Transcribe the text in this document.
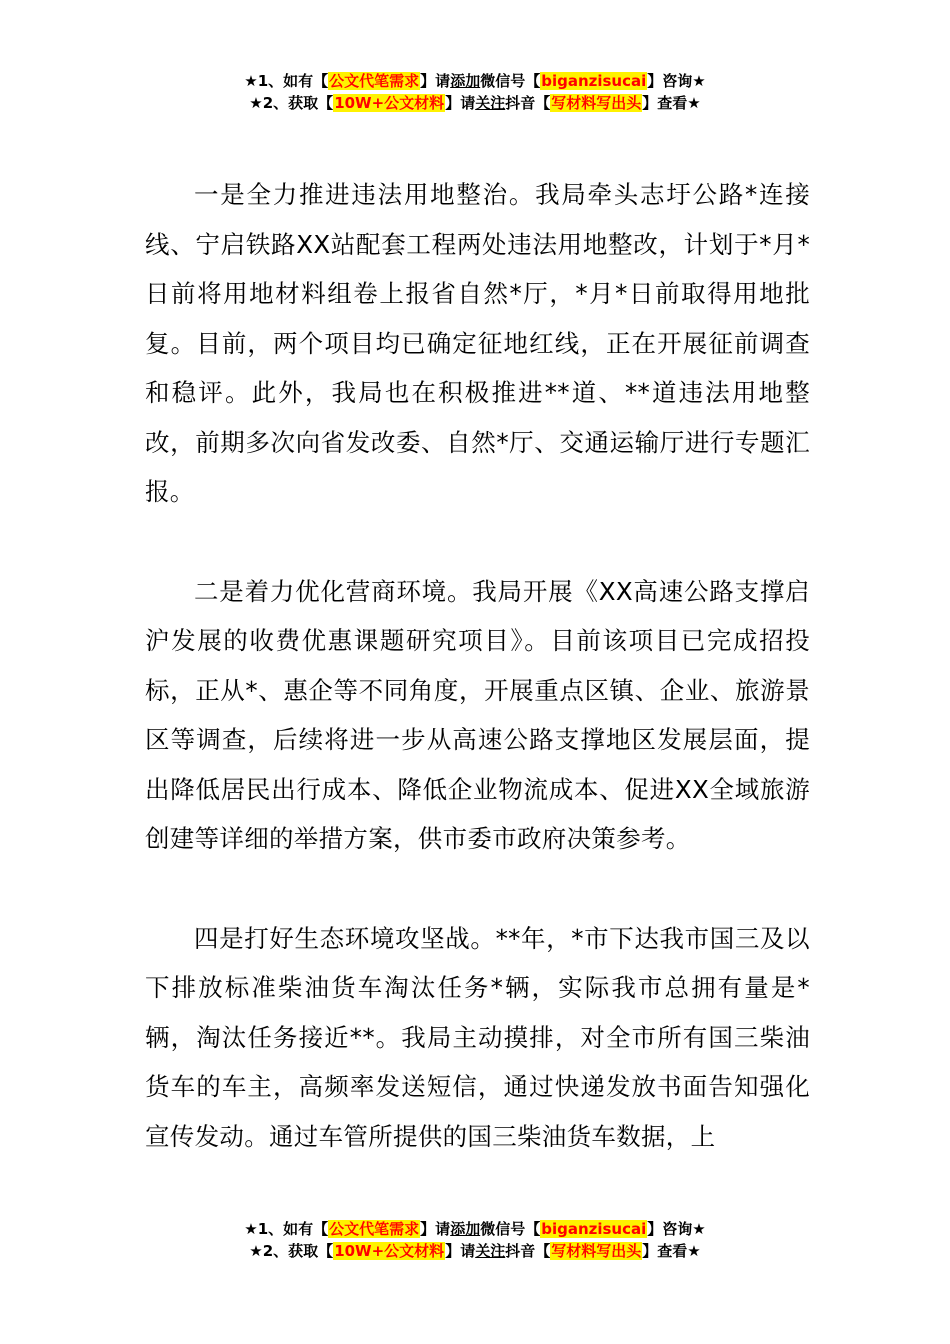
★1、如有【公文代笔需求】请添加微信号【biganzisucai】咨询★
★2、获取【10W+公文材料】请关注抖音【写材料写出头】查看★

一是全力推进违法用地整治。我局牵头志圩公路*连接线、宁启铁路XX站配套工程两处违法用地整改，计划于*月*日前将用地材料组卷上报省自然*厅，*月*日前取得用地批复。目前，两个项目均已确定征地红线，正在开展征前调查和稳评。此外，我局也在积极推进**道、**道违法用地整改，前期多次向省发改委、自然*厅、交通运输厅进行专题汇报。

二是着力优化营商环境。我局开展《XX高速公路支撑启沪发展的收费优惠课题研究项目》。目前该项目已完成招投标，正从*、惠企等不同角度，开展重点区镇、企业、旅游景区等调查，后续将进一步从高速公路支撑地区发展层面，提出降低居民出行成本、降低企业物流成本、促进XX全域旅游创建等详细的举措方案，供市委市政府决策参考。

四是打好生态环境攻坚战。**年，*市下达我市国三及以下排放标准柴油货车淘汰任务*辆，实际我市总拥有量是*辆，淘汰任务接近**。我局主动摸排，对全市所有国三柴油货车的车主，高频率发送短信，通过快递发放书面告知强化宣传发动。通过车管所提供的国三柴油货车数据，上

★1、如有【公文代笔需求】请添加微信号【biganzisucai】咨询★
★2、获取【10W+公文材料】请关注抖音【写材料写出头】查看★
